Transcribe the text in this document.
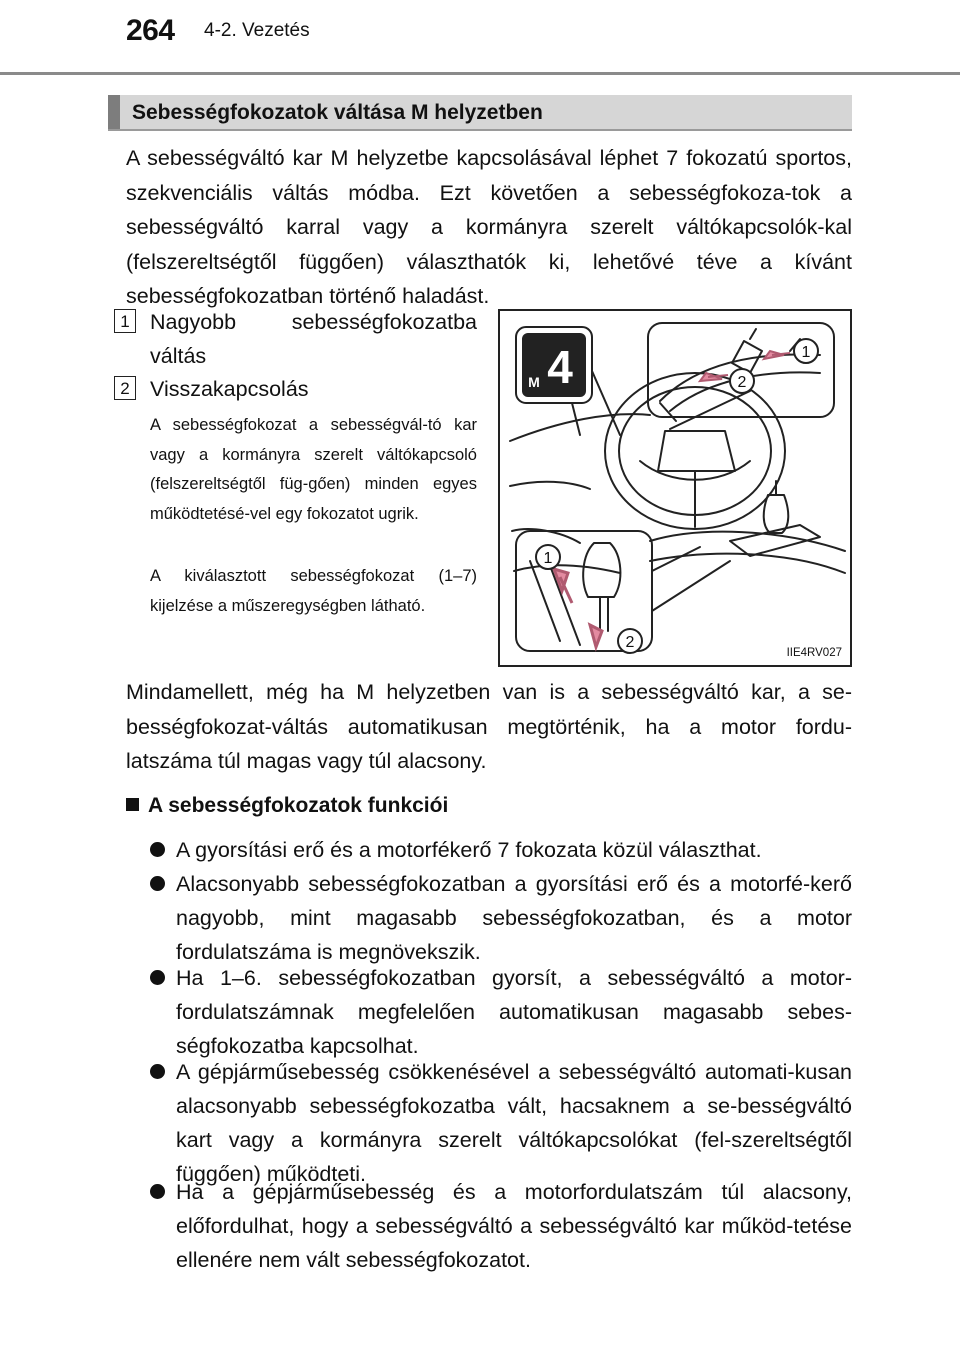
264 4-2. Vezetés
Sebességfokozatok váltása M helyzetben

A sebességváltó kar M helyzetbe kapcsolásával léphet 7 fokozatú sportos, szekvenciális váltás módba. Ezt követően a sebességfokoza-tok a sebességváltó karral vagy a kormányra szerelt váltókapcsolók-kal (felszereltségtől függően) választhatók ki, lehetővé téve a kívánt sebességfokozatban történő haladást.

1 Nagyobb sebességfokozatba váltás
2 Visszakapcsolás

A sebességfokozat a sebességvál-tó kar vagy a kormányra szerelt váltókapcsoló (felszereltségtől füg-gően) minden egyes működtetésé-vel egy fokozatot ugrik.

A kiválasztott sebességfokozat (1–7) kijelzése a műszeregységben látható.

4
M
1
2
1
2
IIE4RV027

Mindamellett, még ha M helyzetben van is a sebességváltó kar, a se-bességfokozat-váltás automatikusan megtörténik, ha a motor fordu-latszáma túl magas vagy túl alacsony.

A sebességfokozatok funkciói
A gyorsítási erő és a motorfékerő 7 fokozata közül választhat.
Alacsonyabb sebességfokozatban a gyorsítási erő és a motorfé-kerő nagyobb, mint magasabb sebességfokozatban, és a motor fordulatszáma is megnövekszik.
Ha 1–6. sebességfokozatban gyorsít, a sebességváltó a motor-fordulatszámnak megfelelően automatikusan magasabb sebes-ségfokozatba kapcsolhat.
A gépjárműsebesség csökkenésével a sebességváltó automati-kusan alacsonyabb sebességfokozatba vált, hacsaknem a se-bességváltó kart vagy a kormányra szerelt váltókapcsolókat (fel-szereltségtől függően) működteti.
Ha a gépjárműsebesség és a motorfordulatszám túl alacsony, előfordulhat, hogy a sebességváltó a sebességváltó kar működ-tetése ellenére nem vált sebességfokozatot.
